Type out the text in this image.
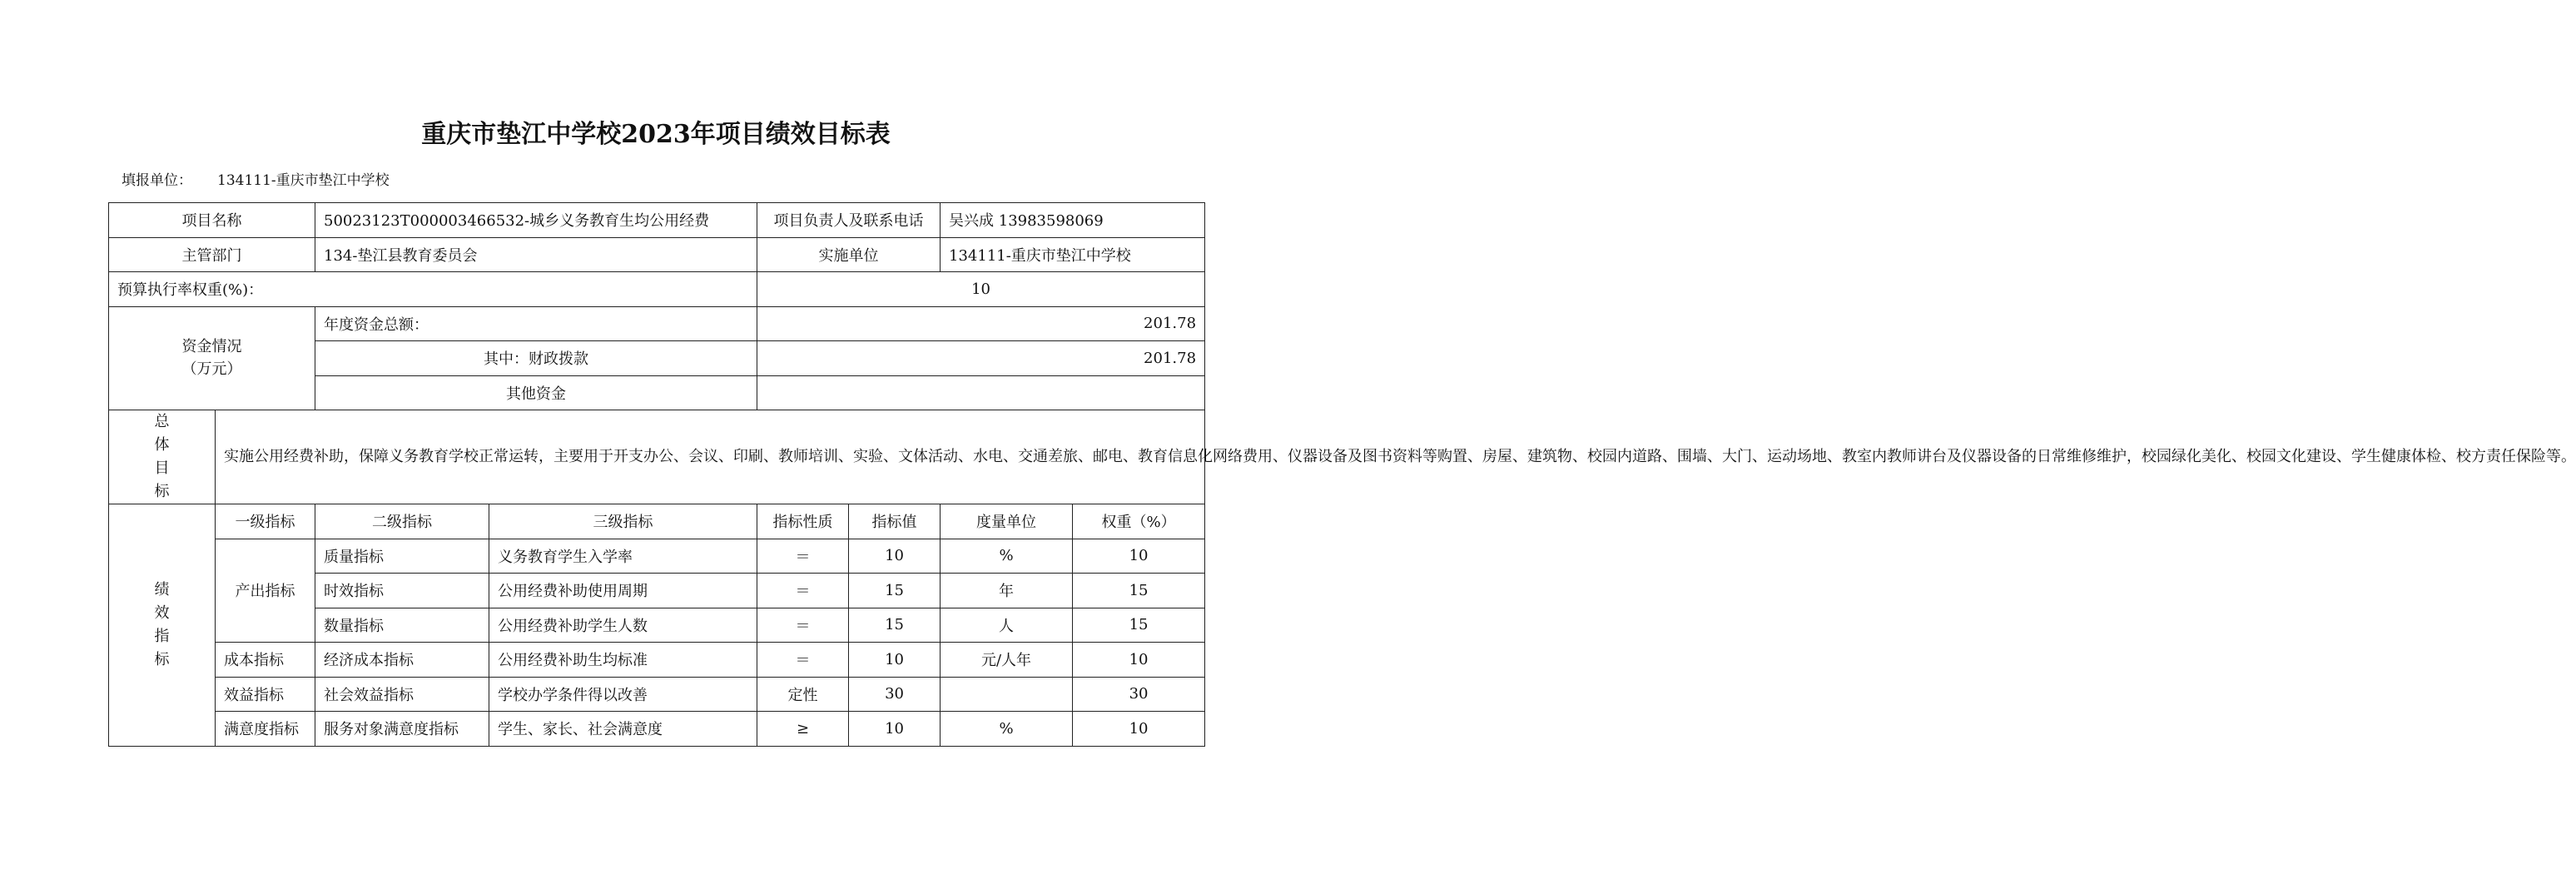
重庆市垫江中学校2023年项目绩效目标表
填报单位： 134111-重庆市垫江中学校
项目名称		50023123T000003466532-城乡义务教育生均公用经费		项目负责人及联系电话		吴兴成 13983598069	
主管部门		134-垫江县教育委员会		实施单位		134111-重庆市垫江中学校	
预算执行率权重(%)：				10			

资金情况
（万元）		年度资金总额：		201.78			
		其中：财政拨款		201.78			
		其他资金					

总
体
目
标	实施公用经费补助，保障义务教育学校正常运转，主要用于开支办公、会议、印刷、教师培训、实验、文体活动、水电、交通差旅、邮电、教育信息化网络费用、仪器设备及图书资料等购置、房屋、建筑物、校园内道路、围墙、大门、运动场地、教室内教师讲台及仪器设备的日常维修维护，校园绿化美化、校园文化建设、学生健康体检、校方责任保险等。						

绩
效
指
标	一级指标	二级指标	三级指标	指标性质	指标值	度量单位	权重（%）
	产出指标	质量指标	义务教育学生入学率	＝	10	%	10
		时效指标	公用经费补助使用周期	＝	15	年	15
		数量指标	公用经费补助学生人数	＝	15	人	15
	成本指标	经济成本指标	公用经费补助生均标准	＝	10	元/人年	10
	效益指标	社会效益指标	学校办学条件得以改善	定性	30		30
	满意度指标	服务对象满意度指标	学生、家长、社会满意度	≥	10	%	10
